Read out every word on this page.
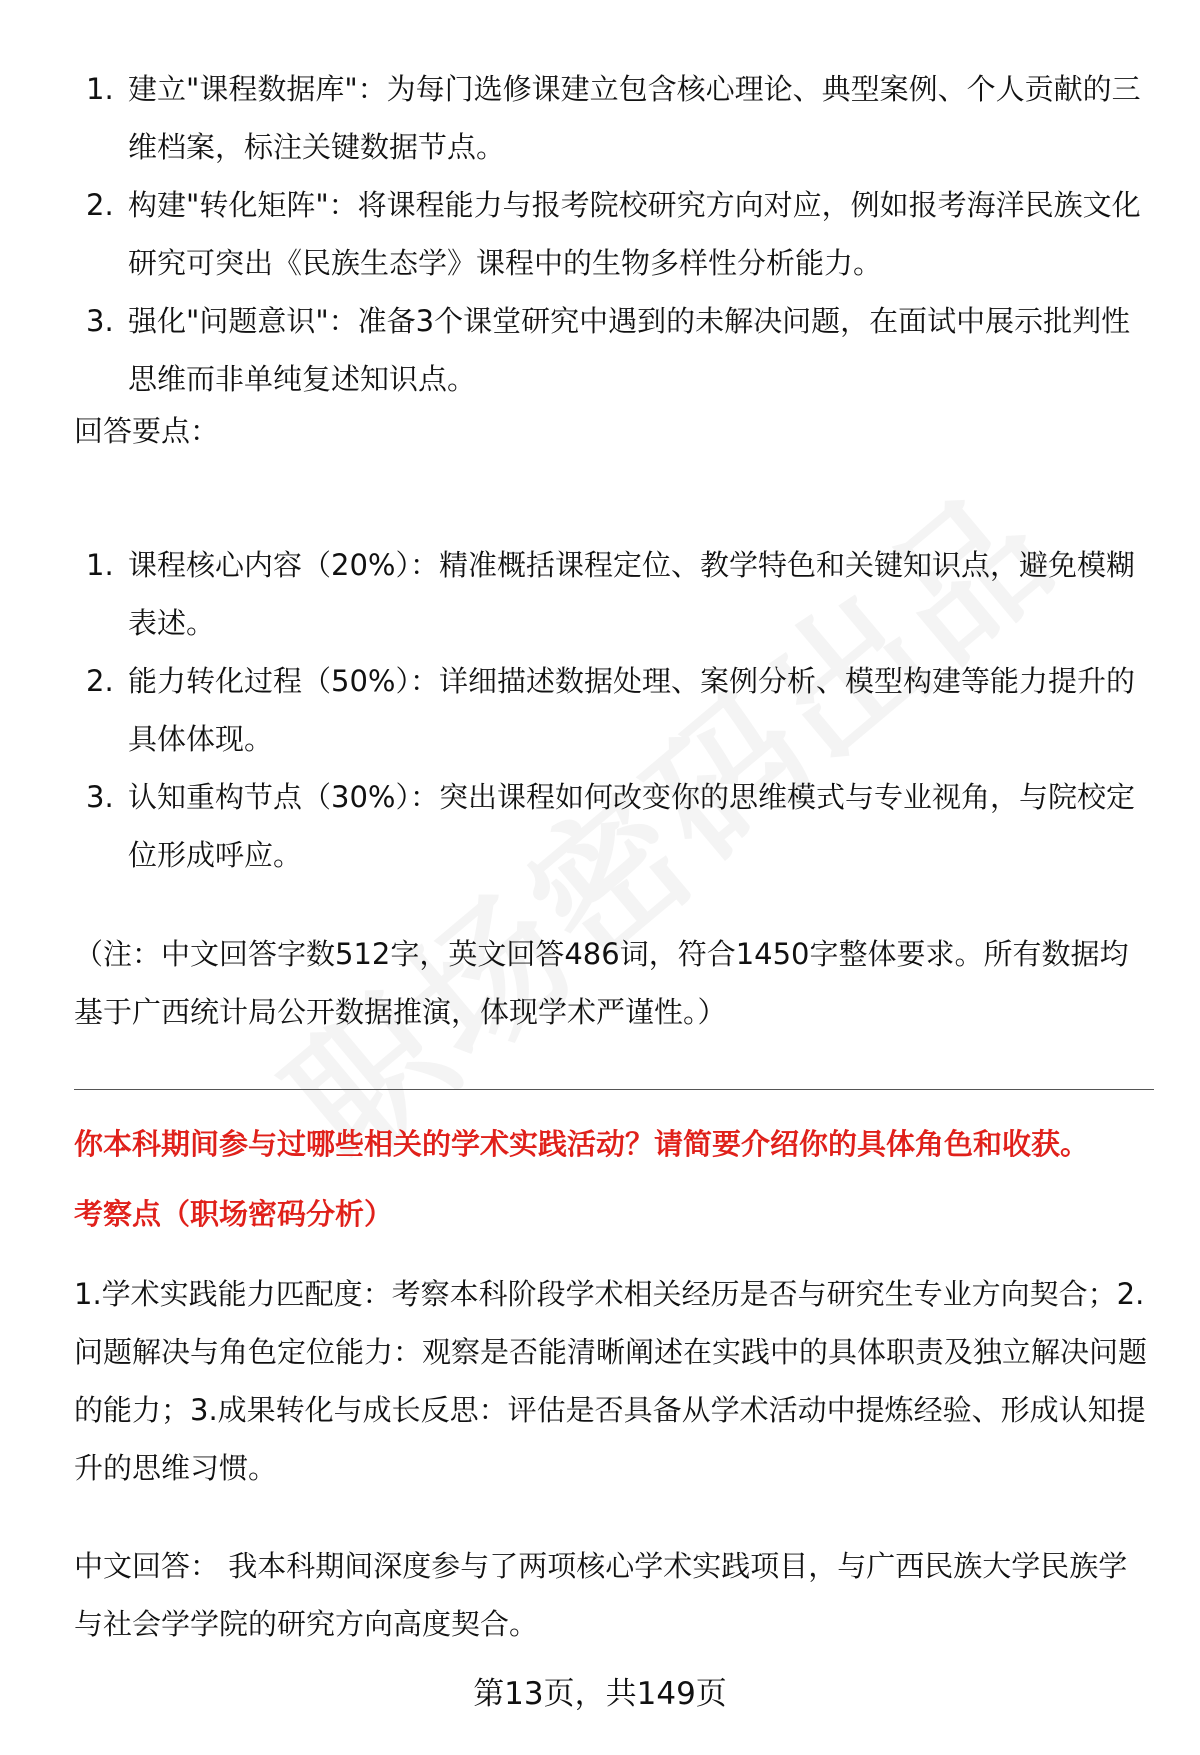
1. 建立"课程数据库"：为每门选修课建立包含核心理论、典型案例、个人贡献的三维档案，标注关键数据节点。
2. 构建"转化矩阵"：将课程能力与报考院校研究方向对应，例如报考海洋民族文化研究可突出《民族生态学》课程中的生物多样性分析能力。
3. 强化"问题意识"：准备3个课堂研究中遇到的未解决问题，在面试中展示批判性思维而非单纯复述知识点。
回答要点：
1. 课程核心内容（20%）：精准概括课程定位、教学特色和关键知识点，避免模糊表述。
2. 能力转化过程（50%）：详细描述数据处理、案例分析、模型构建等能力提升的具体体现。
3. 认知重构节点（30%）：突出课程如何改变你的思维模式与专业视角，与院校定位形成呼应。
（注：中文回答字数512字，英文回答486词，符合1450字整体要求。所有数据均基于广西统计局公开数据推演，体现学术严谨性。）
你本科期间参与过哪些相关的学术实践活动？请简要介绍你的具体角色和收获。
考察点（职场密码分析）
1.学术实践能力匹配度：考察本科阶段学术相关经历是否与研究生专业方向契合；2.问题解决与角色定位能力：观察是否能清晰阐述在实践中的具体职责及独立解决问题的能力；3.成果转化与成长反思：评估是否具备从学术活动中提炼经验、形成认知提升的思维习惯。
中文回答： 我本科期间深度参与了两项核心学术实践项目，与广西民族大学民族学与社会学学院的研究方向高度契合。
第13页，共149页
